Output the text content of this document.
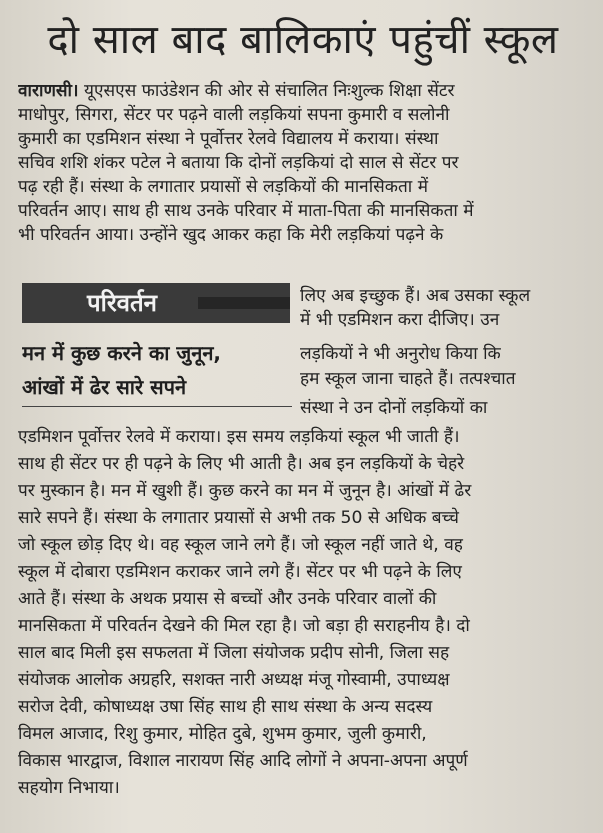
दो साल बाद बालिकाएं पहुंचीं स्कूल
वाराणसी। यूएसएस फाउंडेशन की ओर से संचालित निःशुल्क शिक्षा सेंटर
माधोपुर, सिगरा, सेंटर पर पढ़ने वाली लड़कियां सपना कुमारी व सलोनी
कुमारी का एडमिशन संस्था ने पूर्वोत्तर रेलवे विद्यालय में कराया। संस्था
सचिव शशि शंकर पटेल ने बताया कि दोनों लड़कियां दो साल से सेंटर पर
पढ़ रही हैं। संस्था के लगातार प्रयासों से लड़कियों की मानसिकता में
परिवर्तन आए। साथ ही साथ उनके परिवार में माता-पिता की मानसिकता में
भी परिवर्तन आया। उन्होंने खुद आकर कहा कि मेरी लड़कियां पढ़ने के
परिवर्तन
मन में कुछ करने का जुनून,
आंखों में ढेर सारे सपने
लिए अब इच्छुक हैं। अब उसका स्कूल
में भी एडमिशन करा दीजिए। उन
लड़कियों ने भी अनुरोध किया कि
हम स्कूल जाना चाहते हैं। तत्पश्चात
संस्था ने उन दोनों लड़कियों का
एडमिशन पूर्वोत्तर रेलवे में कराया। इस समय लड़कियां स्कूल भी जाती हैं।
साथ ही सेंटर पर ही पढ़ने के लिए भी आती है। अब इन लड़कियों के चेहरे
पर मुस्कान है। मन में खुशी हैं। कुछ करने का मन में जुनून है। आंखों में ढेर
सारे सपने हैं। संस्था के लगातार प्रयासों से अभी तक 50 से अधिक बच्चे
जो स्कूल छोड़ दिए थे। वह स्कूल जाने लगे हैं। जो स्कूल नहीं जाते थे, वह
स्कूल में दोबारा एडमिशन कराकर जाने लगे हैं। सेंटर पर भी पढ़ने के लिए
आते हैं। संस्था के अथक प्रयास से बच्चों और उनके परिवार वालों की
मानसिकता में परिवर्तन देखने की मिल रहा है। जो बड़ा ही सराहनीय है। दो
साल बाद मिली इस सफलता में जिला संयोजक प्रदीप सोनी, जिला सह
संयोजक आलोक अग्रहरि, सशक्त नारी अध्यक्ष मंजू गोस्वामी, उपाध्यक्ष
सरोज देवी, कोषाध्यक्ष उषा सिंह साथ ही साथ संस्था के अन्य सदस्य
विमल आजाद, रिशु कुमार, मोहित दुबे, शुभम कुमार, जुली कुमारी,
विकास भारद्वाज, विशाल नारायण सिंह आदि लोगों ने अपना-अपना अपूर्ण
सहयोग निभाया।
